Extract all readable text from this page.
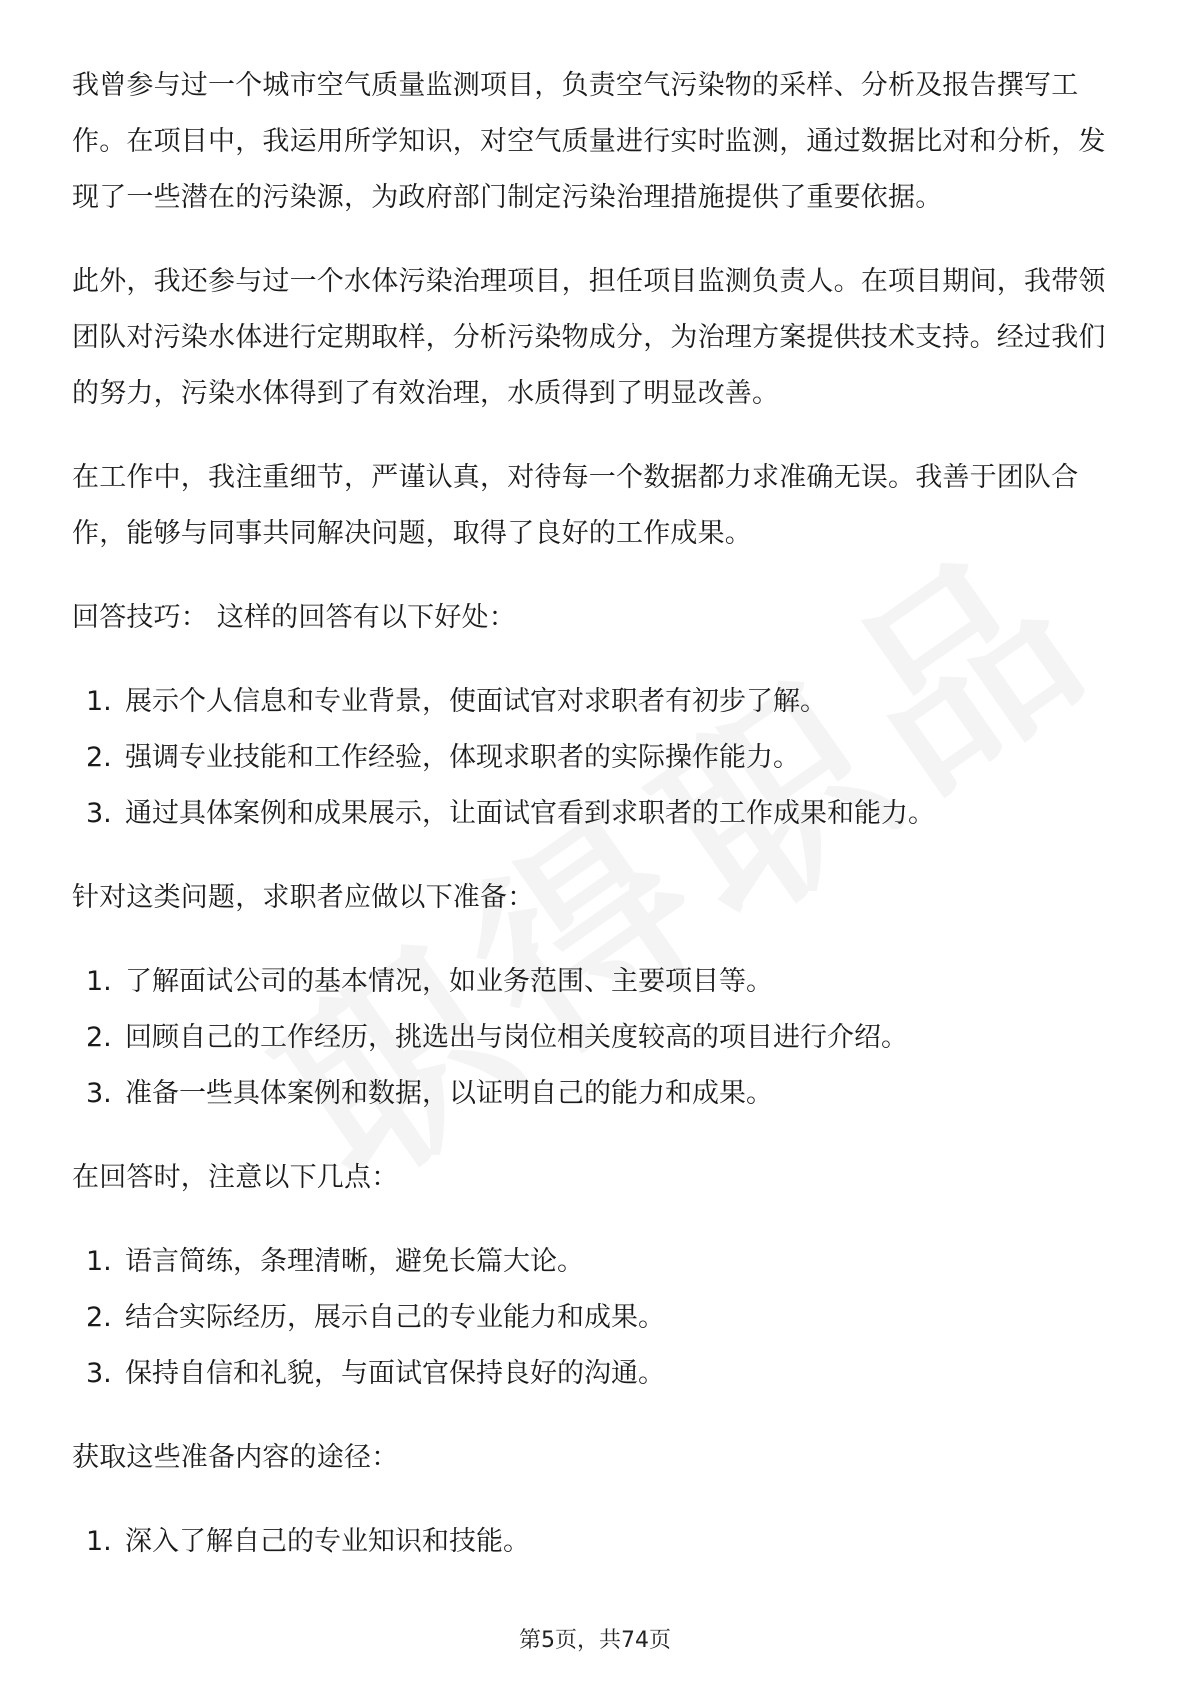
我曾参与过一个城市空气质量监测项目，负责空气污染物的采样、分析及报告撰写工作。在项目中，我运用所学知识，对空气质量进行实时监测，通过数据比对和分析，发现了一些潜在的污染源，为政府部门制定污染治理措施提供了重要依据。

此外，我还参与过一个水体污染治理项目，担任项目监测负责人。在项目期间，我带领团队对污染水体进行定期取样，分析污染物成分，为治理方案提供技术支持。经过我们的努力，污染水体得到了有效治理，水质得到了明显改善。

在工作中，我注重细节，严谨认真，对待每一个数据都力求准确无误。我善于团队合作，能够与同事共同解决问题，取得了良好的工作成果。

回答技巧： 这样的回答有以下好处：

1. 展示个人信息和专业背景，使面试官对求职者有初步了解。
2. 强调专业技能和工作经验，体现求职者的实际操作能力。
3. 通过具体案例和成果展示，让面试官看到求职者的工作成果和能力。

针对这类问题，求职者应做以下准备：

1. 了解面试公司的基本情况，如业务范围、主要项目等。
2. 回顾自己的工作经历，挑选出与岗位相关度较高的项目进行介绍。
3. 准备一些具体案例和数据，以证明自己的能力和成果。

在回答时，注意以下几点：

1. 语言简练，条理清晰，避免长篇大论。
2. 结合实际经历，展示自己的专业能力和成果。
3. 保持自信和礼貌，与面试官保持良好的沟通。

获取这些准备内容的途径：

1. 深入了解自己的专业知识和技能。
第5页，共74页
